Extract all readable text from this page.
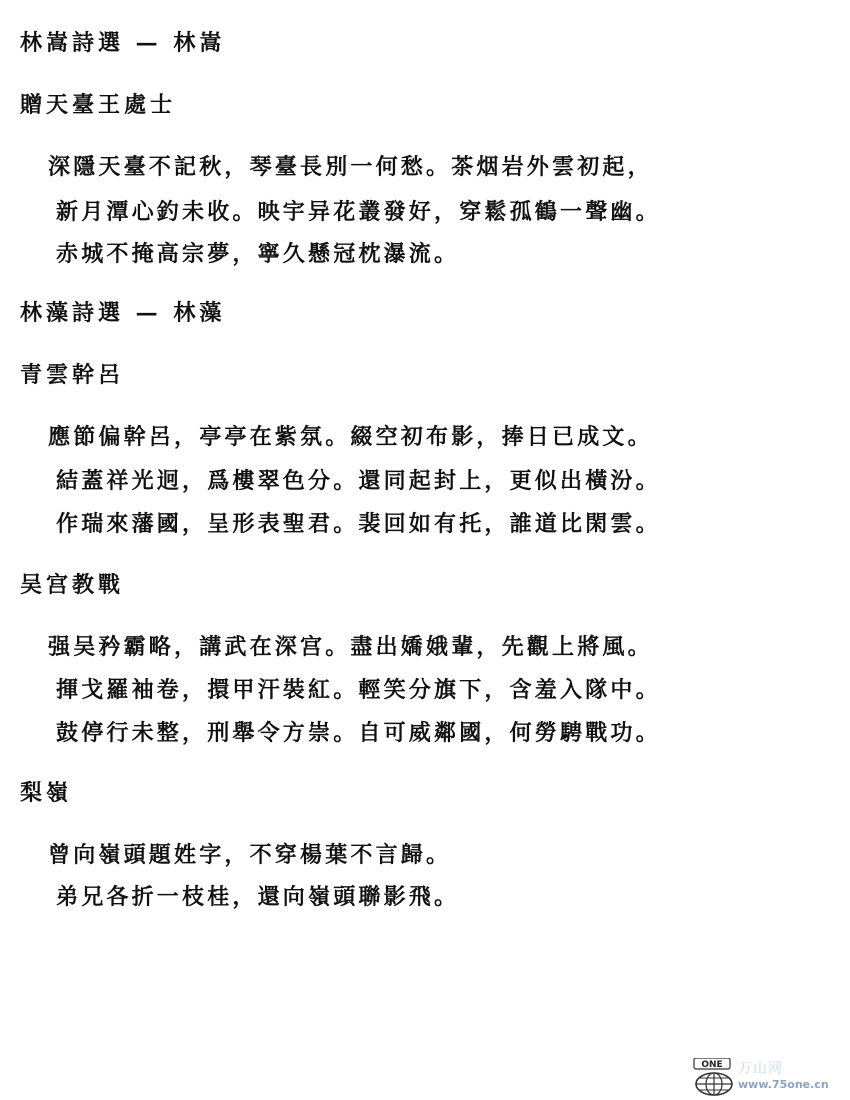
林嵩詩選 — 林嵩
贈天臺王處士
深隱天臺不記秋，琴臺長別一何愁。茶烟岩外雲初起，
新月潭心釣未收。映宇异花叢發好，穿鬆孤鶴一聲幽。
赤城不掩高宗夢，寧久懸冠枕瀑流。
林藻詩選 — 林藻
青雲幹呂
應節偏幹呂，亭亭在紫氛。綴空初布影，捧日已成文。
結蓋祥光迥，爲樓翠色分。還同起封上，更似出橫汾。
作瑞來藩國，呈形表聖君。裴回如有托，誰道比閑雲。
吴宫教戰
强吴矜霸略，講武在深宫。盡出嬌娥輩，先觀上將風。
揮戈羅袖卷，擐甲汗裝紅。輕笑分旗下，含羞入隊中。
鼓停行未整，刑舉令方崇。自可威鄰國，何勞騁戰功。
梨嶺
曾向嶺頭題姓字，不穿楊葉不言歸。
弟兄各折一枝桂，還向嶺頭聯影飛。
ONE 万山网
www.75one.cn
